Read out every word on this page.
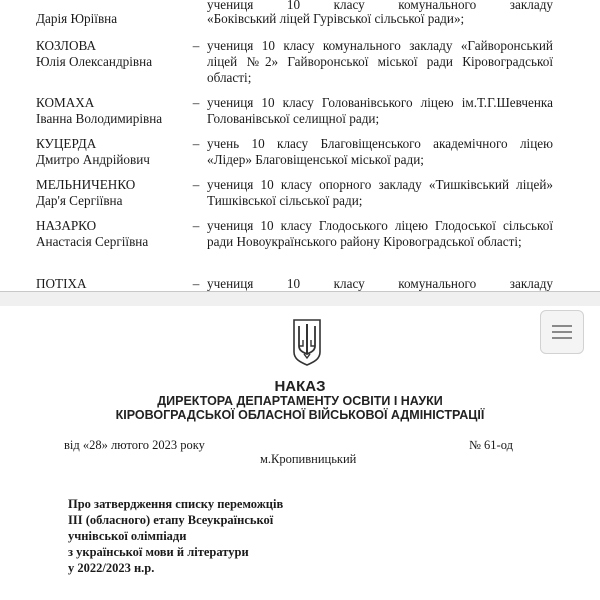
Дарія Юріївна
учениця 10 класу комунального закладу
«Боківський ліцей Гурівської сільської ради»;
КОЗЛОВА
Юлія Олександрівна
– учениця 10 класу комунального закладу «Гайворонський ліцей №2» Гайворонської міської ради Кіровоградської області;
КОМАХА
Іванна Володимирівна
– учениця 10 класу Голованівського ліцею ім.Т.Г.Шевченка Голованівської селищної ради;
КУЦЕРДА
Дмитро Андрійович
– учень 10 класу Благовіщенського академічного ліцею «Лідер» Благовіщенської міської ради;
МЕЛЬНИЧЕНКО
Дар'я Сергіївна
– учениця 10 класу опорного закладу «Тишківський ліцей» Тишківської сільської ради;
НАЗАРКО
Анастасія Сергіївна
– учениця 10 класу Глодоського ліцею Глодоської сільської ради Новоукраїнського району Кіровоградської області;
ПОТІХА	– учениця 10 класу комунального закладу
НАКАЗ
ДИРЕКТОРА ДЕПАРТАМЕНТУ ОСВІТИ І НАУКИ
КІРОВОГРАДСЬКОЇ ОБЛАСНОЇ ВІЙСЬКОВОЇ АДМІНІСТРАЦІЇ
від «28» лютого 2023 року	№ 61-од
м.Кропивницький
Про затвердження списку переможців
III (обласного) етапу Всеукраїнської
учнівської олімпіади
з української мови й літератури
у 2022/2023 н.р.
